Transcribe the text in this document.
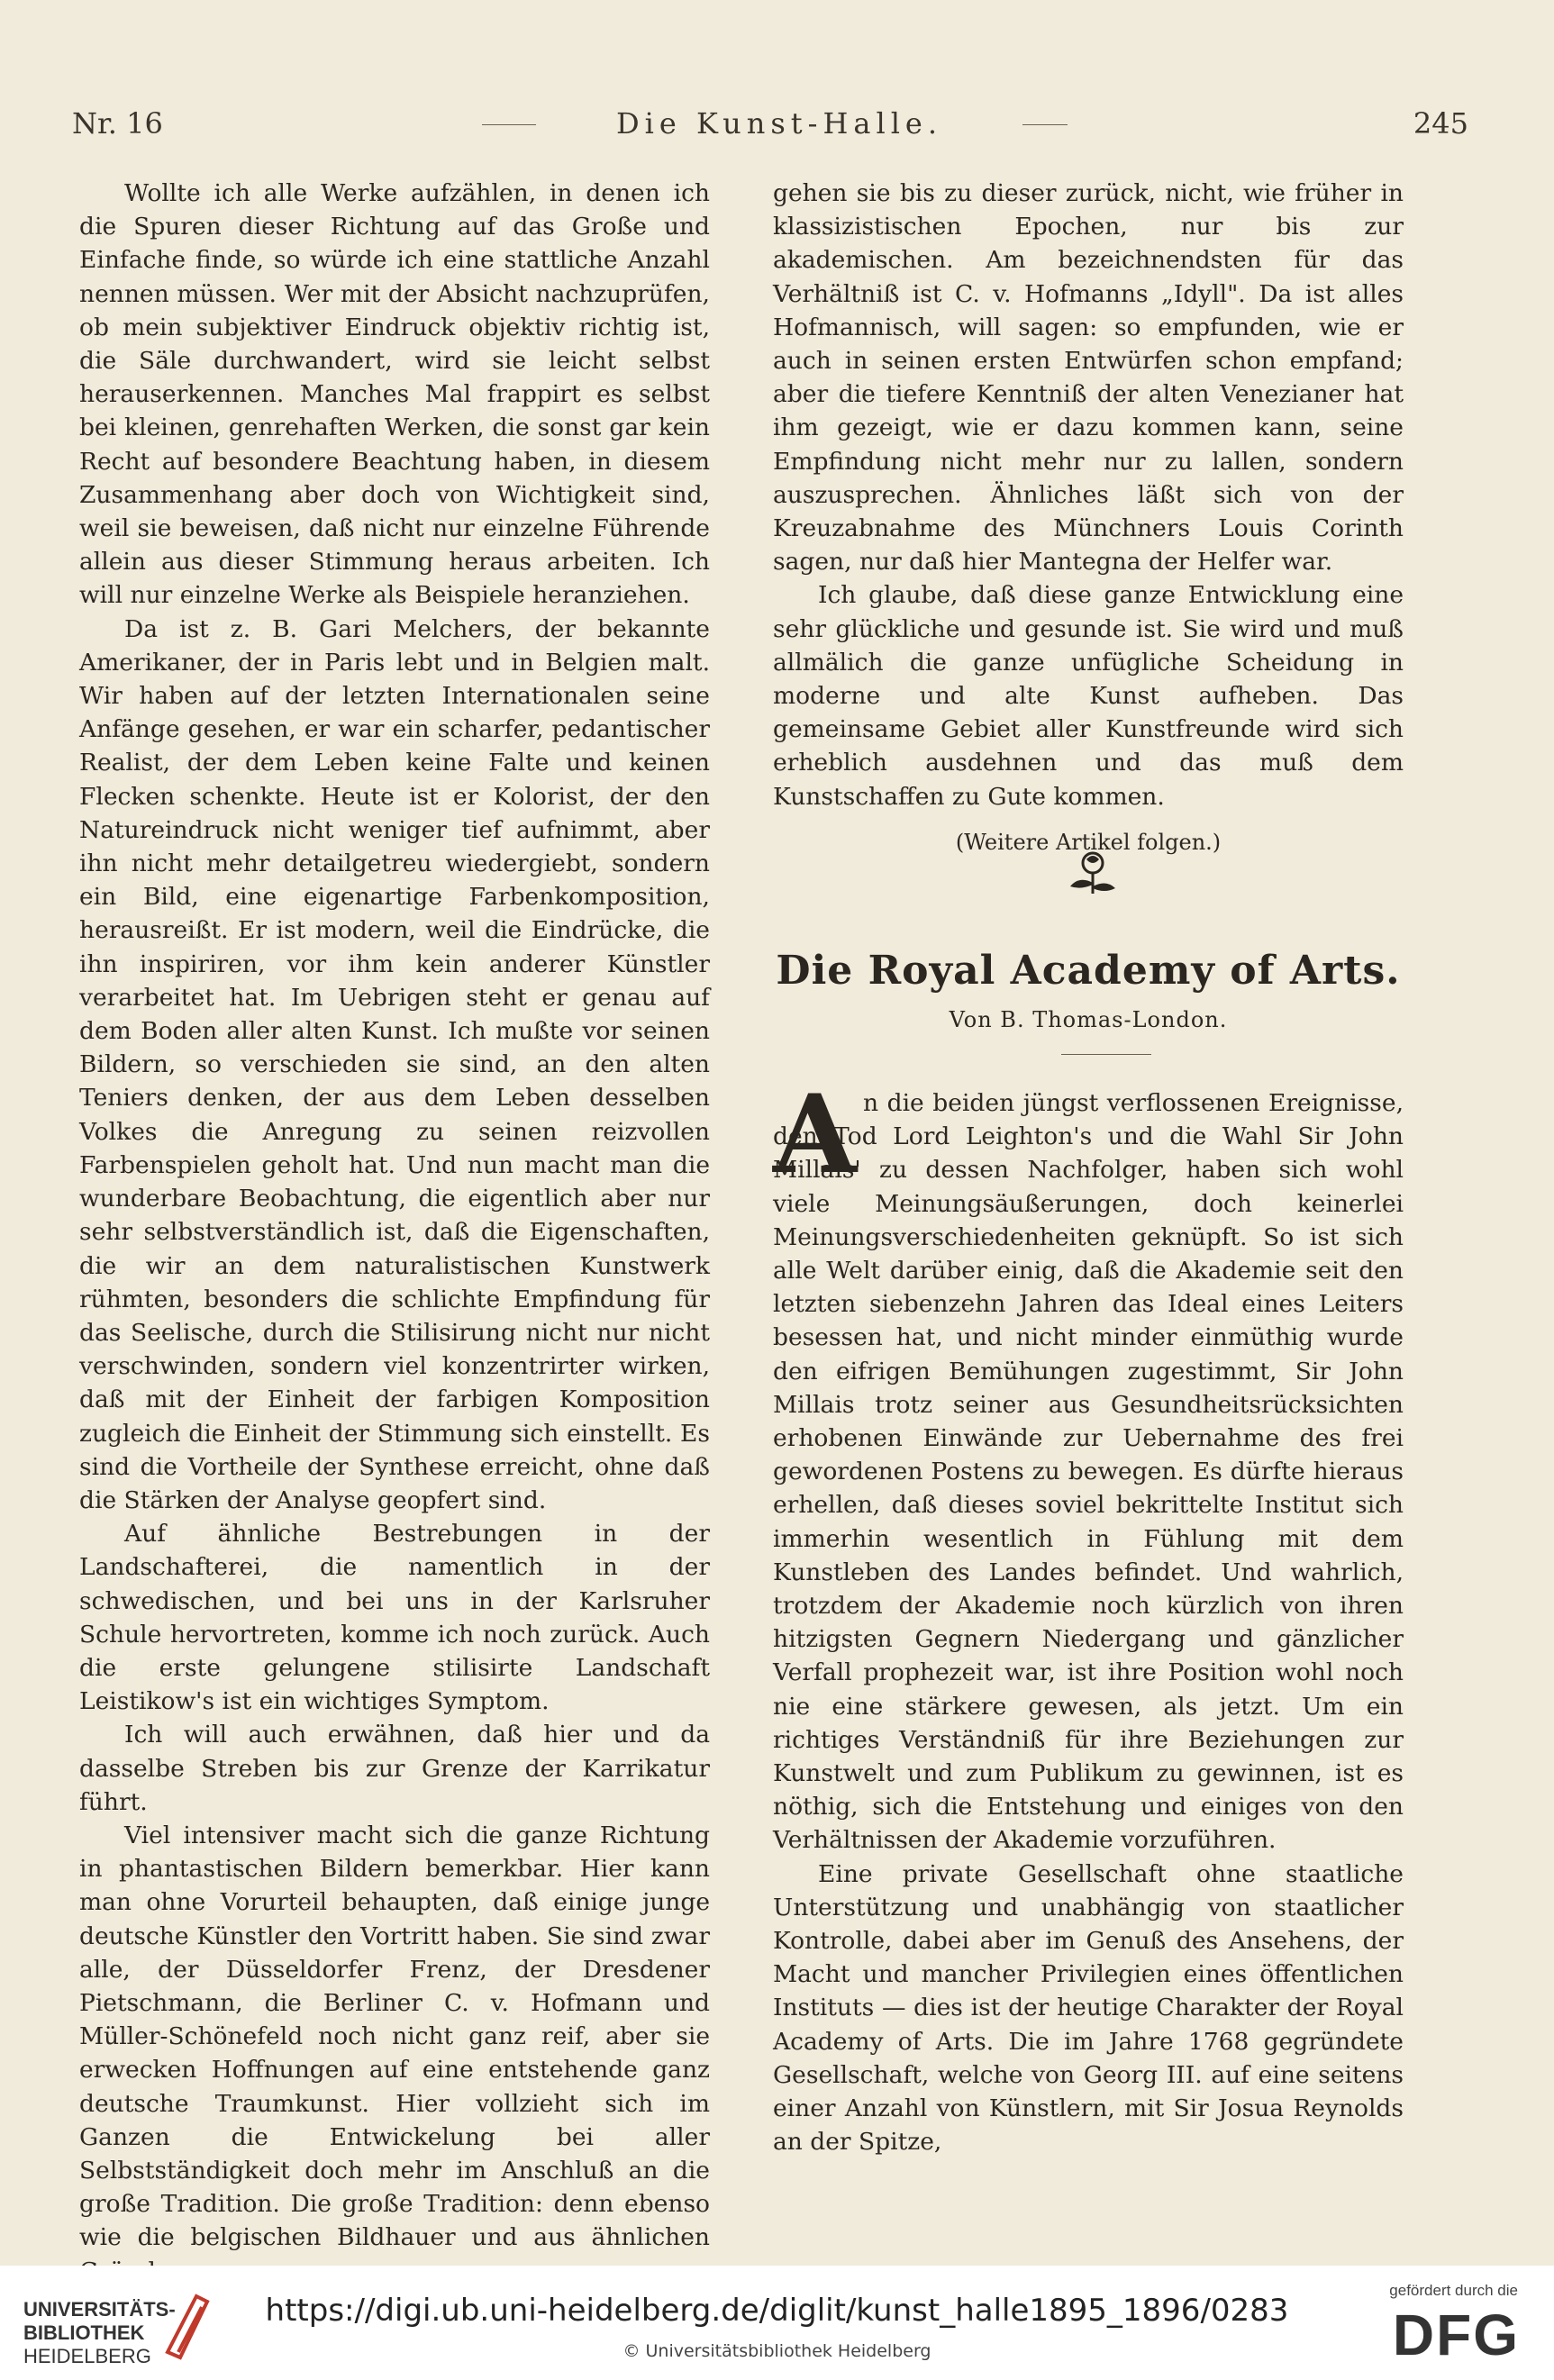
Nr. 16	Die Kunst-Halle.	245

Wollte ich alle Werke aufzählen, in denen ich die Spuren dieser Richtung auf das Große und Einfache finde, so würde ich eine stattliche Anzahl nennen müssen. Wer mit der Absicht nachzuprüfen, ob mein subjektiver Eindruck objektiv richtig ist, die Säle durchwandert, wird sie leicht selbst herauserkennen. Manches Mal frappirt es selbst bei kleinen, genrehaften Werken, die sonst gar kein Recht auf besondere Beachtung haben, in diesem Zusammenhang aber doch von Wichtigkeit sind, weil sie beweisen, daß nicht nur einzelne Führende allein aus dieser Stimmung heraus arbeiten. Ich will nur einzelne Werke als Beispiele heranziehen.

Da ist z. B. Gari Melchers, der bekannte Amerikaner, der in Paris lebt und in Belgien malt. Wir haben auf der letzten Internationalen seine Anfänge gesehen, er war ein scharfer, pedantischer Realist, der dem Leben keine Falte und keinen Flecken schenkte. Heute ist er Kolorist, der den Natureindruck nicht weniger tief aufnimmt, aber ihn nicht mehr detailgetreu wiedergiebt, sondern ein Bild, eine eigenartige Farbenkomposition, herausreißt. Er ist modern, weil die Eindrücke, die ihn inspiriren, vor ihm kein anderer Künstler verarbeitet hat. Im Uebrigen steht er genau auf dem Boden aller alten Kunst. Ich mußte vor seinen Bildern, so verschieden sie sind, an den alten Teniers denken, der aus dem Leben desselben Volkes die Anregung zu seinen reizvollen Farbenspielen geholt hat. Und nun macht man die wunderbare Beobachtung, die eigentlich aber nur sehr selbstverständlich ist, daß die Eigenschaften, die wir an dem naturalistischen Kunstwerk rühmten, besonders die schlichte Empfindung für das Seelische, durch die Stilisirung nicht nur nicht verschwinden, sondern viel konzentrirter wirken, daß mit der Einheit der farbigen Komposition zugleich die Einheit der Stimmung sich einstellt. Es sind die Vortheile der Synthese erreicht, ohne daß die Stärken der Analyse geopfert sind.

Auf ähnliche Bestrebungen in der Landschafterei, die namentlich in der schwedischen, und bei uns in der Karlsruher Schule hervortreten, komme ich noch zurück. Auch die erste gelungene stilisirte Landschaft Leistikow's ist ein wichtiges Symptom.

Ich will auch erwähnen, daß hier und da dasselbe Streben bis zur Grenze der Karrikatur führt.

Viel intensiver macht sich die ganze Richtung in phantastischen Bildern bemerkbar. Hier kann man ohne Vorurteil behaupten, daß einige junge deutsche Künstler den Vortritt haben. Sie sind zwar alle, der Düsseldorfer Frenz, der Dresdener Pietschmann, die Berliner C. v. Hofmann und Müller-Schönefeld noch nicht ganz reif, aber sie erwecken Hoffnungen auf eine entstehende ganz deutsche Traumkunst. Hier vollzieht sich im Ganzen die Entwickelung bei aller Selbstständigkeit doch mehr im Anschluß an die große Tradition. Die große Tradition: denn ebenso wie die belgischen Bildhauer und aus ähnlichen

gehen sie bis zu dieser zurück, nicht, wie früher in klassizistischen Epochen, nur bis zur akademischen. Am bezeichnendsten für das Verhältniß ist C. v. Hofmanns „Idyll". Da ist alles Hofmannisch, will sagen: so empfunden, wie er auch in seinen ersten Entwürfen schon empfand; aber die tiefere Kenntniß der alten Venezianer hat ihm gezeigt, wie er dazu kommen kann, seine Empfindung nicht mehr nur zu lallen, sondern auszusprechen. Ähnliches läßt sich von der Kreuzabnahme des Münchners Louis Corinth sagen, nur daß hier Mantegna der Helfer war.

Ich glaube, daß diese ganze Entwicklung eine sehr glückliche und gesunde ist. Sie wird und muß allmälich die ganze unfügliche Scheidung in moderne und alte Kunst aufheben. Das gemeinsame Gebiet aller Kunstfreunde wird sich erheblich ausdehnen und das muß dem Kunstschaffen zu Gute kommen.

(Weitere Artikel folgen.)
Die Royal Academy of Arts.
Von B. Thomas-London.
A n die beiden jüngst verflossenen Ereignisse, den Tod Lord Leighton's und die Wahl Sir John Millais' zu dessen Nachfolger, haben sich wohl viele Meinungsäußerungen, doch keinerlei Meinungsverschiedenheiten geknüpft. So ist sich alle Welt darüber einig, daß die Akademie seit den letzten siebenzehn Jahren das Ideal eines Leiters besessen hat, und nicht minder einmüthig wurde den eifrigen Bemühungen zugestimmt, Sir John Millais trotz seiner aus Gesundheitsrücksichten erhobenen Einwände zur Uebernahme des frei gewordenen Postens zu bewegen. Es dürfte hieraus erhellen, daß dieses soviel bekrittelte Institut sich immerhin wesentlich in Fühlung mit dem Kunstleben des Landes befindet. Und wahrlich, trotzdem der Akademie noch kürzlich von ihren hitzigsten Gegnern Niedergang und gänzlicher Verfall prophezeit war, ist ihre Position wohl noch nie eine stärkere gewesen, als jetzt. Um ein richtiges Verständniß für ihre Beziehungen zur Kunstwelt und zum Publikum zu gewinnen, ist es nöthig, sich die Entstehung und einiges von den Verhältnissen der Akademie vorzuführen.

Eine private Gesellschaft ohne staatliche Unterstützung und unabhängig von staatlicher Kontrolle, dabei aber im Genuß des Ansehens, der Macht und mancher Privilegien eines öffentlichen Instituts — dies ist der heutige Charakter der Royal Academy of Arts. Die im Jahre 1768 gegründete Gesellschaft, welche von Georg III. auf eine seitens einer Anzahl von Künstlern, mit Sir Josua Reynolds an der Spitze,

UNIVERSITÄTS-
BIBLIOTHEK
HEIDELBERG
https://digi.ub.uni-heidelberg.de/diglit/kunst_halle1895_1896/0283
© Universitätsbibliothek Heidelberg
gefördert durch die
DFG
